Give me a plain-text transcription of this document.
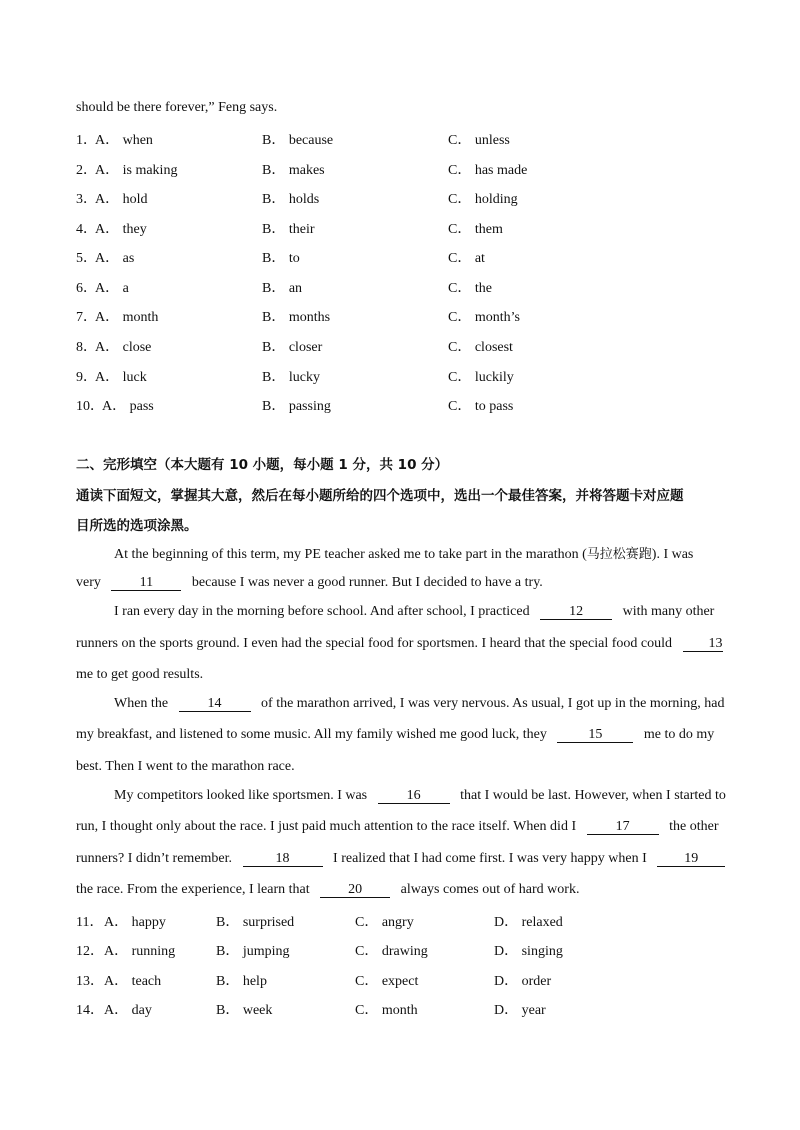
should be there forever,” Feng says.
1．
A． when	B． because	C． unless
2．
A． is making	B． makes	C． has made
3．
A． hold	B． holds	C． holding
4．
A． they	B． their	C． them
5．
A． as	B． to	C． at
6．
A． a	B． an	C． the
7．
A． month	B． months	C． month’s
8．
A． close	B． closer	C． closest
9．
A． luck	B． lucky	C． luckily
10．
A． pass	B． passing	C． to pass
二、完形填空（本大题有 10 小题，每小题 1 分，共 10 分）
通读下面短文，掌握其大意，然后在每小题所给的四个选项中，选出一个最佳答案，并将答题卡对应题
目所选的选项涂黑。
At the beginning of this term, my PE teacher asked me to take part in the marathon (马拉松赛跑). I was
very	11	because I was never a good runner. But I decided to have a try.
I ran every day in the morning before school. And after school, I practiced	12	with many other
runners on the sports ground. I even had the special food for sportsmen. I heard that the special food could	13
me to get good results.
When the	14	of the marathon arrived, I was very nervous. As usual, I got up in the morning, had
my breakfast, and listened to some music. All my family wished me good luck, they	15	me to do my
best. Then I went to the marathon race.
My competitors looked like sportsmen. I was	16	that I would be last. However, when I started to
run, I thought only about the race. I just paid much attention to the race itself. When did I	17	the other
runners? I didn’t remember.	18	I realized that I had come first. I was very happy when I	19
the race. From the experience, I learn that	20	always comes out of hard work.
11． A． happy	B． surprised	C． angry	D． relaxed
12． A． running	B． jumping	C． drawing	D． singing
13． A． teach	B． help	C． expect	D． order
14． A． day	B． week	C． month	D． year
